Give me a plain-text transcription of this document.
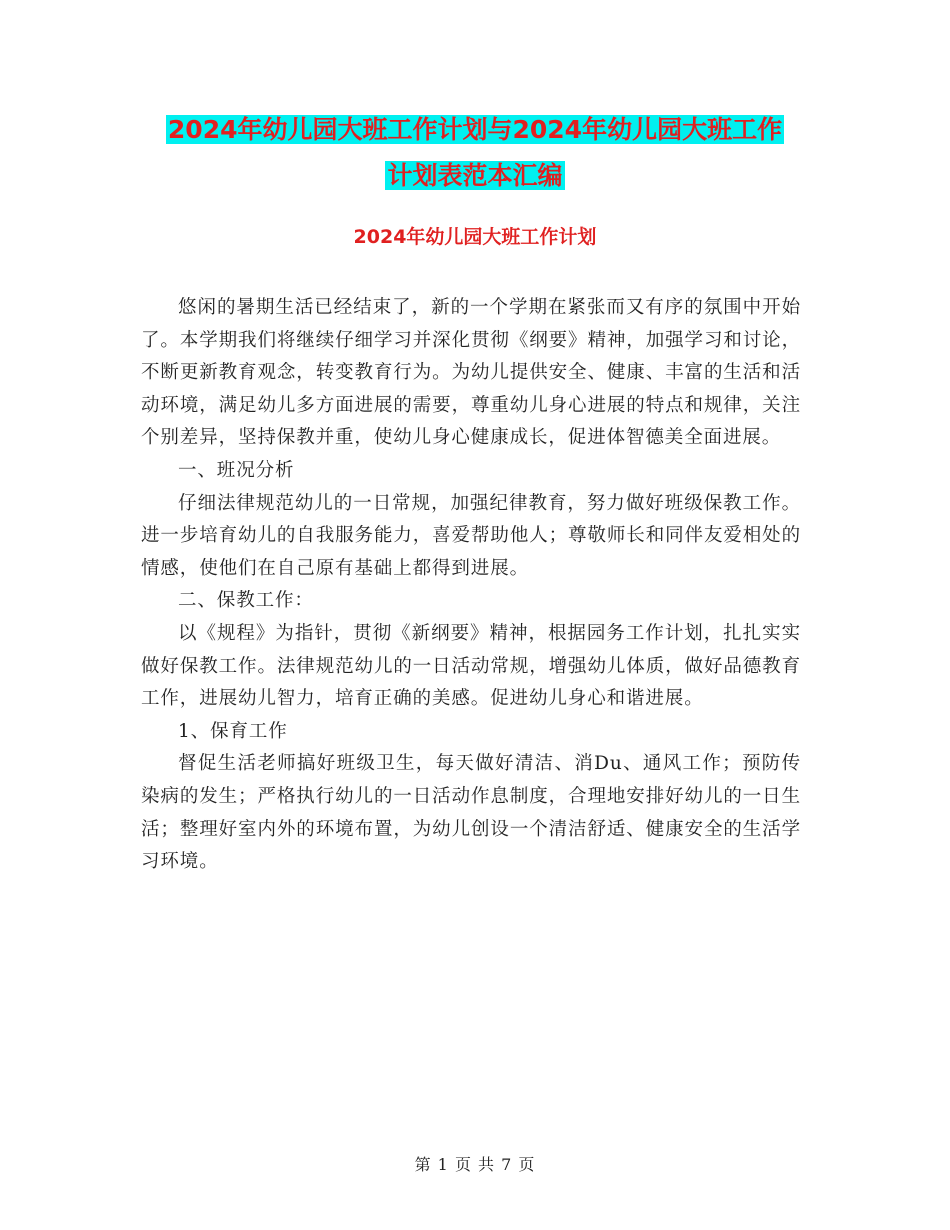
2024年幼儿园大班工作计划与2024年幼儿园大班工作
计划表范本汇编
2024年幼儿园大班工作计划

悠闲的暑期生活已经结束了，新的一个学期在紧张而又有序的氛围中开始了。本学期我们将继续仔细学习并深化贯彻《纲要》精神，加强学习和讨论，不断更新教育观念，转变教育行为。为幼儿提供安全、健康、丰富的生活和活动环境，满足幼儿多方面进展的需要，尊重幼儿身心进展的特点和规律，关注个别差异，坚持保教并重，使幼儿身心健康成长，促进体智德美全面进展。

一、班况分析

仔细法律规范幼儿的一日常规，加强纪律教育，努力做好班级保教工作。进一步培育幼儿的自我服务能力，喜爱帮助他人；尊敬师长和同伴友爱相处的情感，使他们在自己原有基础上都得到进展。

二、保教工作：

以《规程》为指针，贯彻《新纲要》精神，根据园务工作计划，扎扎实实做好保教工作。法律规范幼儿的一日活动常规，增强幼儿体质，做好品德教育工作，进展幼儿智力，培育正确的美感。促进幼儿身心和谐进展。

1、保育工作

督促生活老师搞好班级卫生，每天做好清洁、消Du、通风工作；预防传染病的发生；严格执行幼儿的一日活动作息制度，合理地安排好幼儿的一日生活；整理好室内外的环境布置，为幼儿创设一个清洁舒适、健康安全的生活学习环境。

第 1 页 共 7 页
